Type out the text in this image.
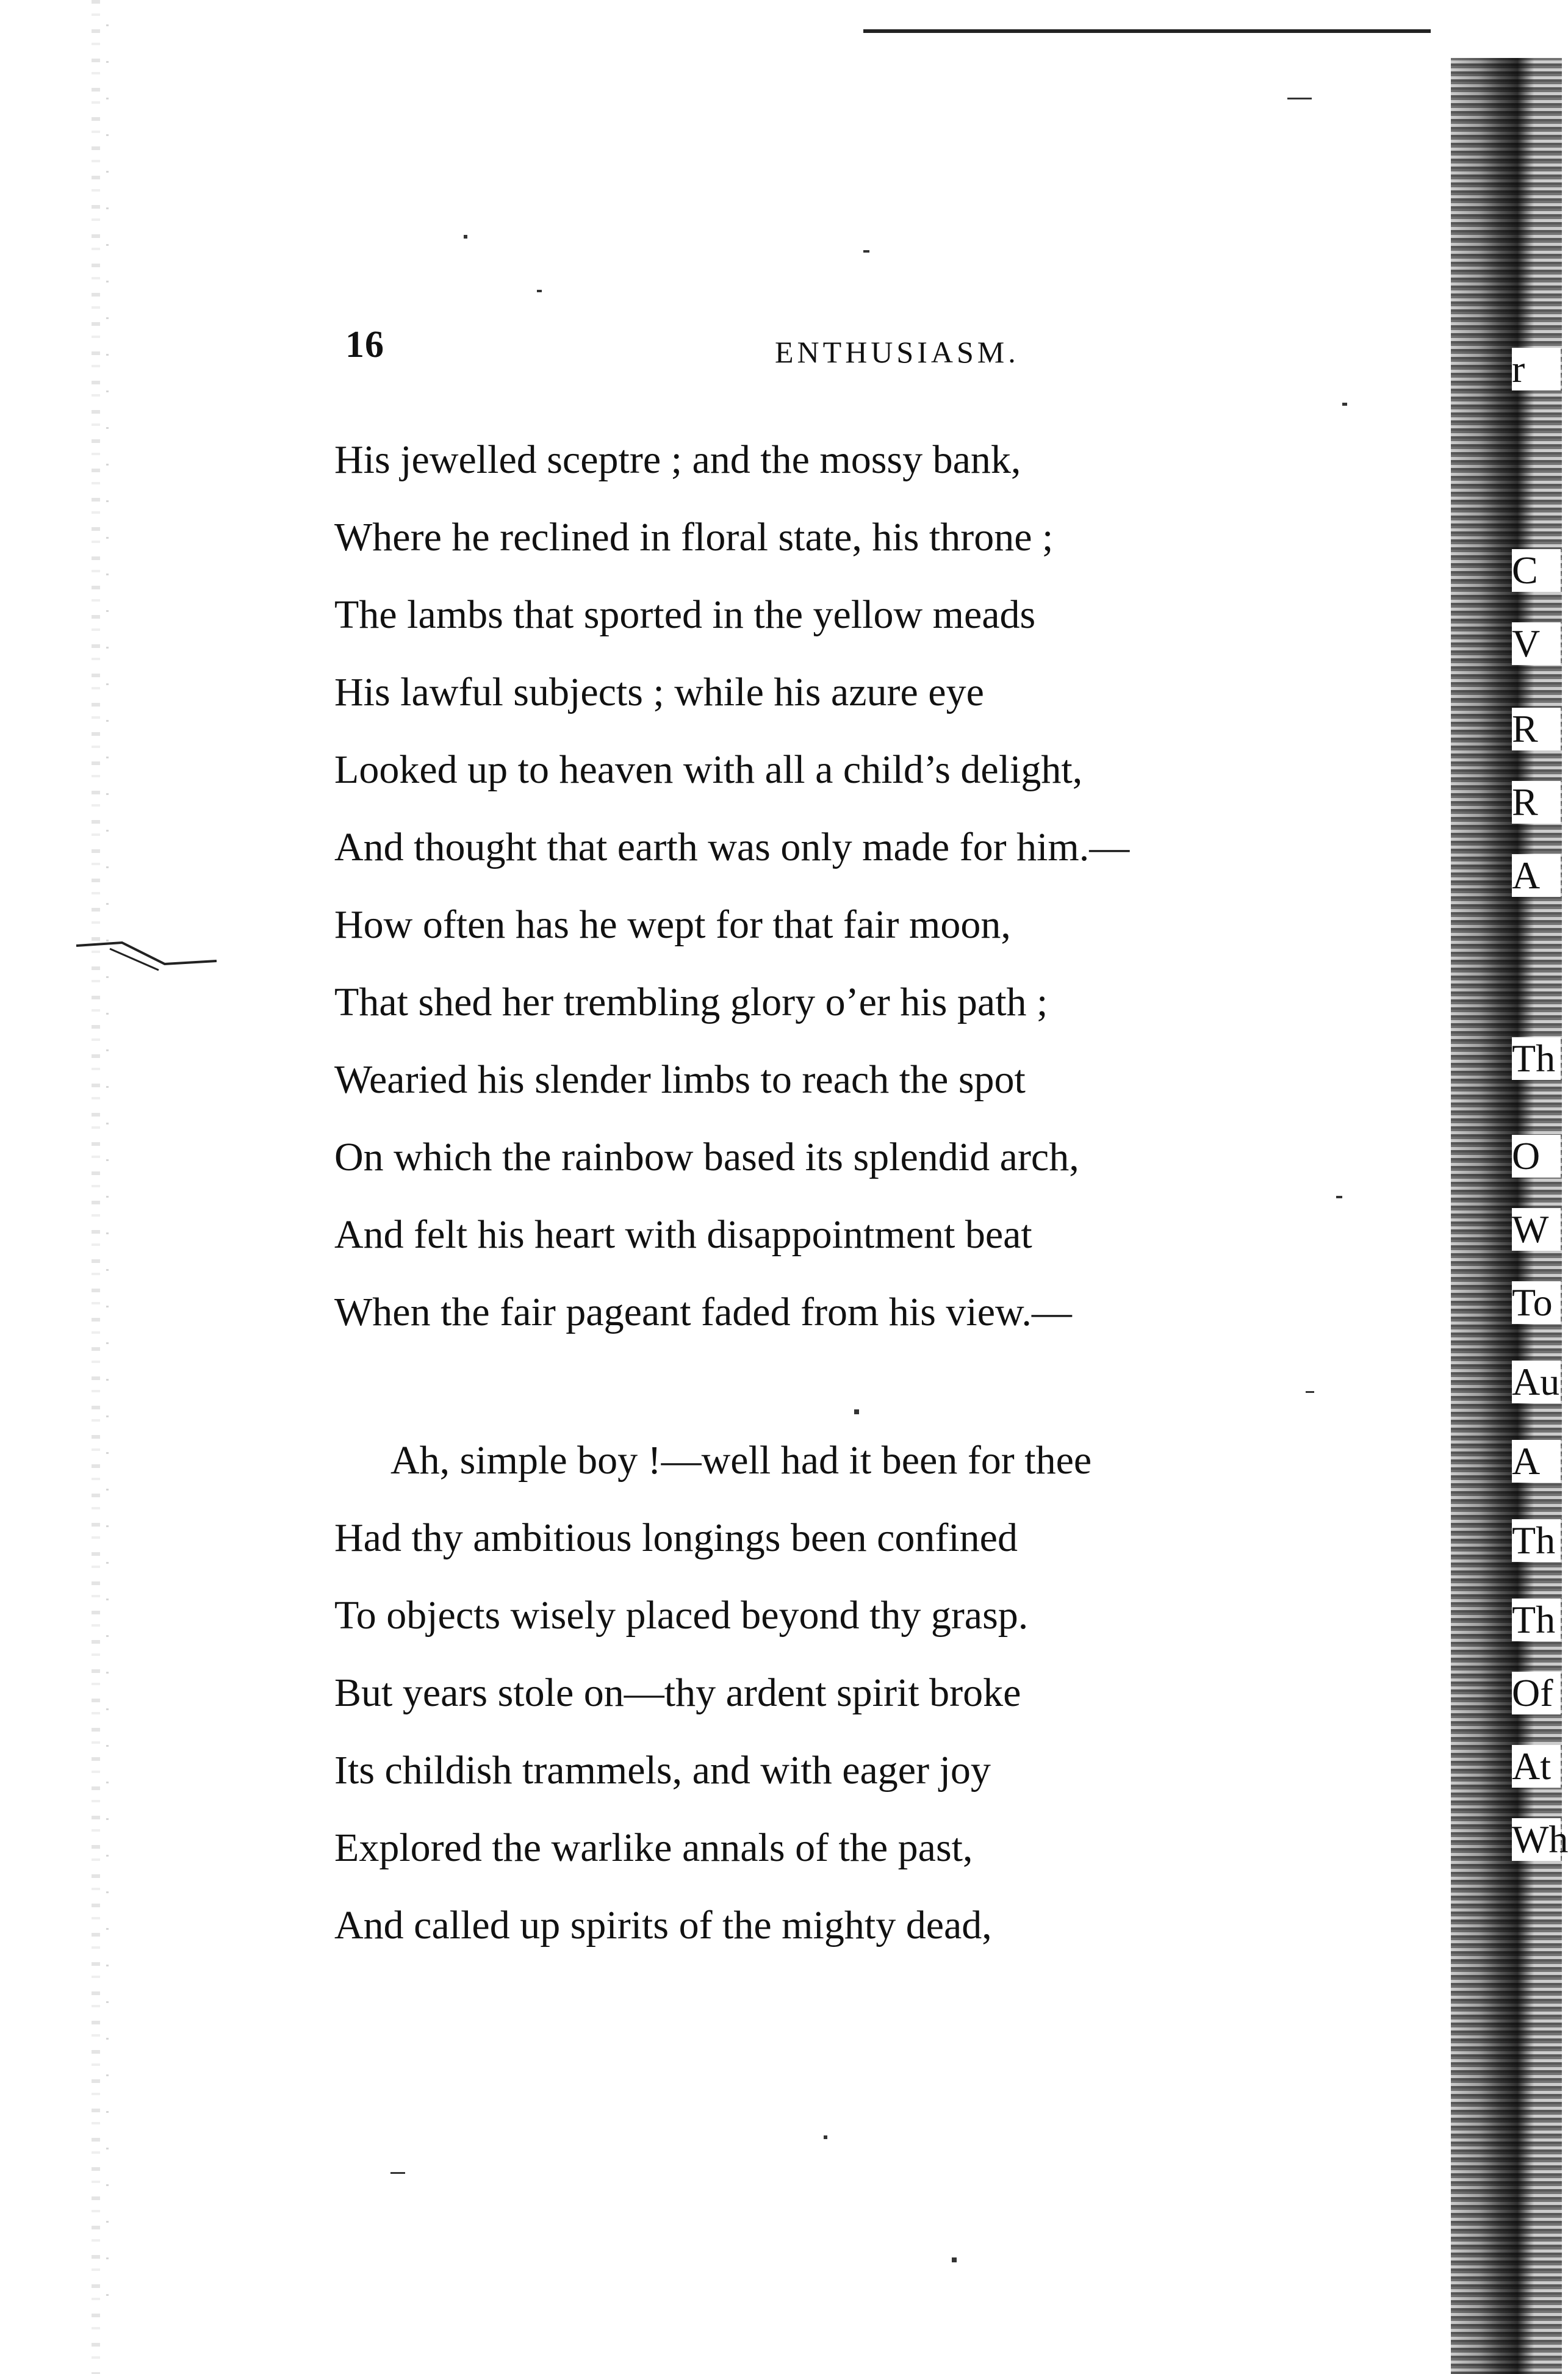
r
C
V
R
R
A
Th
O
W
To
Au
A
Th
Th
Of
At
Wh
16	ENTHUSIASM.
His jewelled sceptre ; and the mossy bank,
Where he reclined in floral state, his throne ;
The lambs that sported in the yellow meads
His lawful subjects ; while his azure eye
Looked up to heaven with all a child’s delight,
And thought that earth was only made for him.—
How often has he wept for that fair moon,
That shed her trembling glory o’er his path ;
Wearied his slender limbs to reach the spot
On which the rainbow based its splendid arch,
And felt his heart with disappointment beat
When the fair pageant faded from his view.—
Ah, simple boy !—well had it been for thee
Had thy ambitious longings been confined
To objects wisely placed beyond thy grasp.
But years stole on—thy ardent spirit broke
Its childish trammels, and with eager joy
Explored the warlike annals of the past,
And called up spirits of the mighty dead,
